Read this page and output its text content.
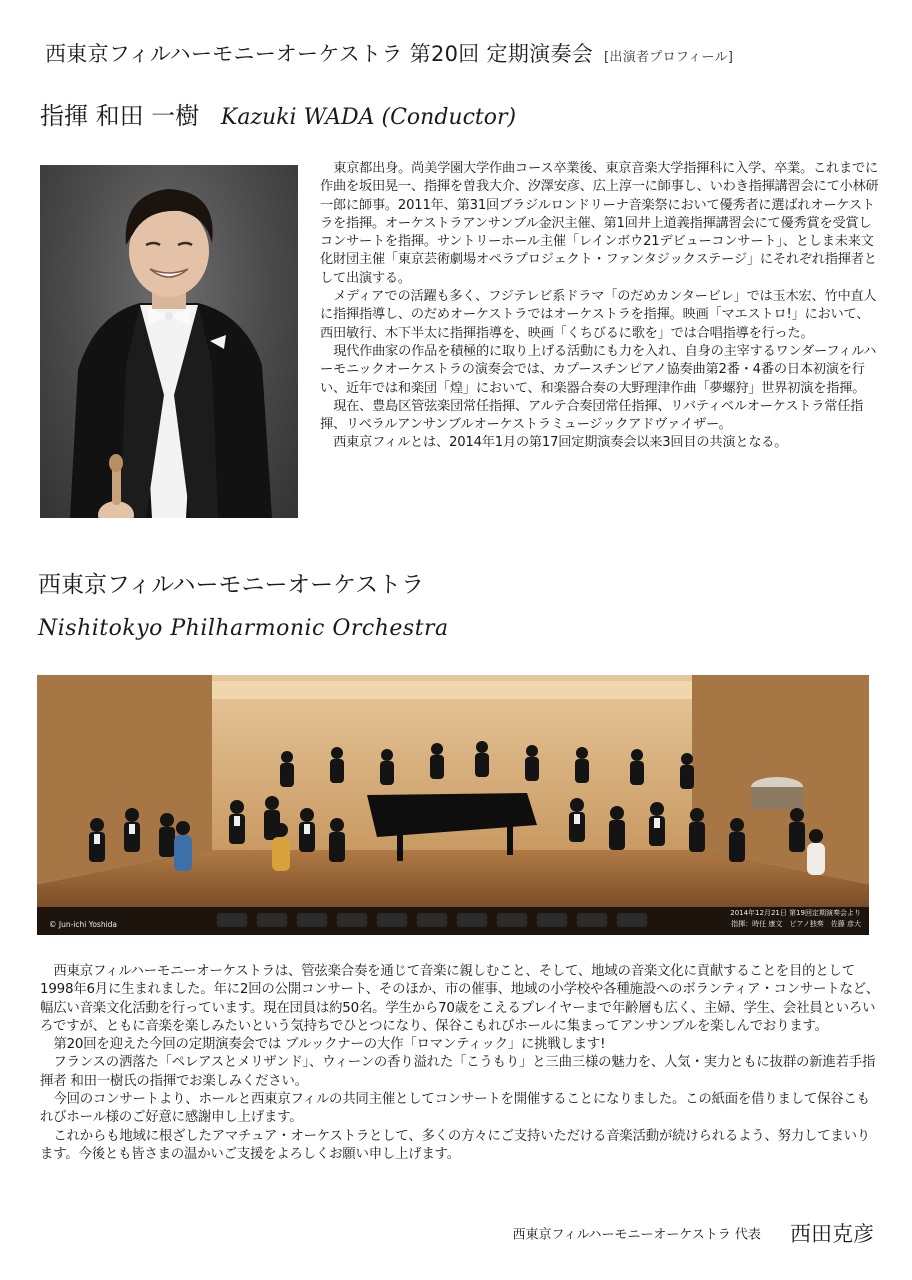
西東京フィルハーモニーオーケストラ 第20回 定期演奏会 [出演者プロフィール]
指揮 和田 一樹 Kazuki WADA (Conductor)

東京都出身。尚美学園大学作曲コース卒業後、東京音楽大学指揮科に入学、卒業。これまでに作曲を坂田晃一、指揮を曽我大介、汐澤安彦、広上淳一に師事し、いわき指揮講習会にて小林研一郎に師事。2011年、第31回ブラジルロンドリーナ音楽祭において優秀者に選ばれオーケストラを指揮。オーケストラアンサンブル金沢主催、第1回井上道義指揮講習会にて優秀賞を受賞しコンサートを指揮。サントリーホール主催「レインボウ21デビューコンサート」、としま未来文化財団主催「東京芸術劇場オペラプロジェクト・ファンタジックステージ」にそれぞれ指揮者として出演する。

メディアでの活躍も多く、フジテレビ系ドラマ「のだめカンタービレ」では玉木宏、竹中直人に指揮指導し、のだめオーケストラではオーケストラを指揮。映画「マエストロ!」において、西田敏行、木下半太に指揮指導を、映画「くちびるに歌を」では合唱指導を行った。

現代作曲家の作品を積極的に取り上げる活動にも力を入れ、自身の主宰するワンダーフィルハーモニックオーケストラの演奏会では、カプースチンピアノ協奏曲第2番・4番の日本初演を行い、近年では和楽団「煌」において、和楽器合奏の大野理津作曲「夢螺狩」世界初演を指揮。

現在、豊島区管弦楽団常任指揮、アルテ合奏団常任指揮、リバティベルオーケストラ常任指揮、リベラルアンサンブルオーケストラミュージックアドヴァイザー。

西東京フィルとは、2014年1月の第17回定期演奏会以来3回目の共演となる。

西東京フィルハーモニーオーケストラ
Nishitokyo Philharmonic Orchestra
© Jun-ichi Yoshida
2014年12月21日 第19回定期演奏会より
指揮：時任 康文　ピアノ独奏　佐藤 彦大

西東京フィルハーモニーオーケストラは、管弦楽合奏を通じて音楽に親しむこと、そして、地域の音楽文化に貢献することを目的として1998年6月に生まれました。年に2回の公開コンサート、そのほか、市の催事、地域の小学校や各種施設へのボランティア・コンサートなど、幅広い音楽文化活動を行っています。現在団員は約50名。学生から70歳をこえるプレイヤーまで年齢層も広く、主婦、学生、会社員といろいろですが、ともに音楽を楽しみたいという気持ちでひとつになり、保谷こもれびホールに集まってアンサンブルを楽しんでおります。

第20回を迎えた今回の定期演奏会では ブルックナーの大作「ロマンティック」に挑戦します!

フランスの洒落た「ペレアスとメリザンド」、ウィーンの香り溢れた「こうもり」と三曲三様の魅力を、人気・実力ともに抜群の新進若手指揮者 和田一樹氏の指揮でお楽しみください。

今回のコンサートより、ホールと西東京フィルの共同主催としてコンサートを開催することになりました。この紙面を借りまして保谷こもれびホール様のご好意に感謝申し上げます。

これからも地域に根ざしたアマチュア・オーケストラとして、多くの方々にご支持いただける音楽活動が続けられるよう、努力してまいります。今後とも皆さまの温かいご支援をよろしくお願い申し上げます。

西東京フィルハーモニーオーケストラ 代表 西田克彦
